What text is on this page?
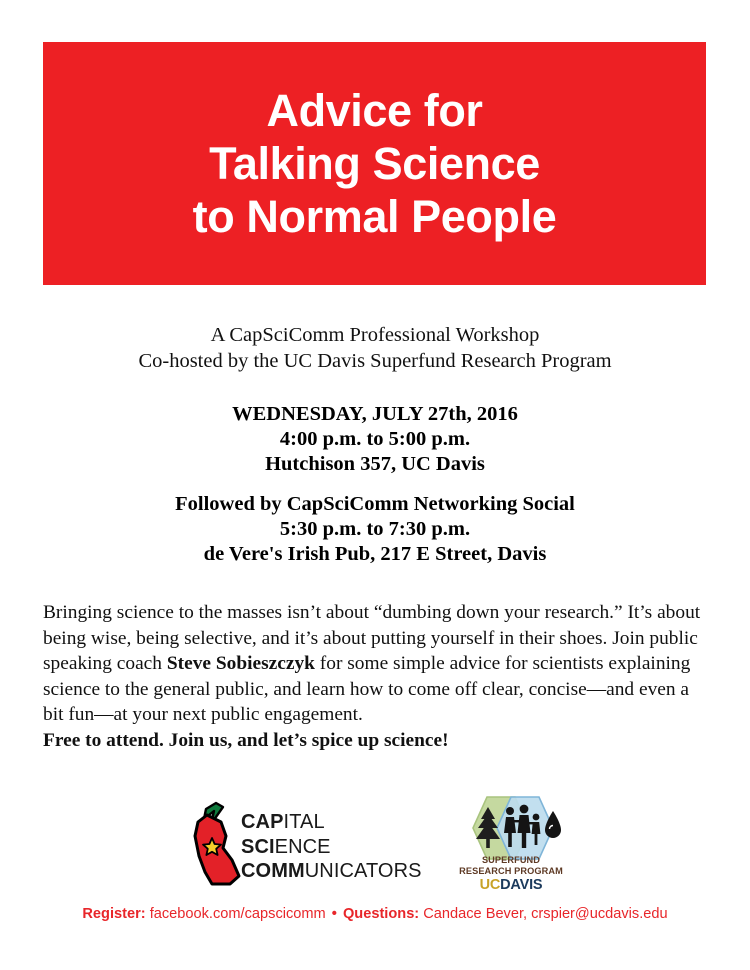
Advice for
Talking Science
to Normal People
A CapSciComm Professional Workshop
Co-hosted by the UC Davis Superfund Research Program
WEDNESDAY, JULY 27th, 2016
4:00 p.m. to 5:00 p.m.
Hutchison 357, UC Davis
Followed by CapSciComm Networking Social
5:30 p.m. to 7:30 p.m.
de Vere's Irish Pub, 217 E Street, Davis
Bringing science to the masses isn’t about “dumbing down your research.” It’s about being wise, being selective, and it’s about putting yourself in their shoes. Join public speaking coach Steve Sobieszczyk for some simple advice for scientists explaining science to the general public, and learn how to come off clear, concise—and even a bit fun—at your next public engagement.
Free to attend. Join us, and let’s spice up science!
CAPITAL
SCIENCE
COMMUNICATORS	SUPERFUND
RESEARCH PROGRAM
UCDAVIS
Register: facebook.com/capscicomm • Questions: Candace Bever, crspier@ucdavis.edu
